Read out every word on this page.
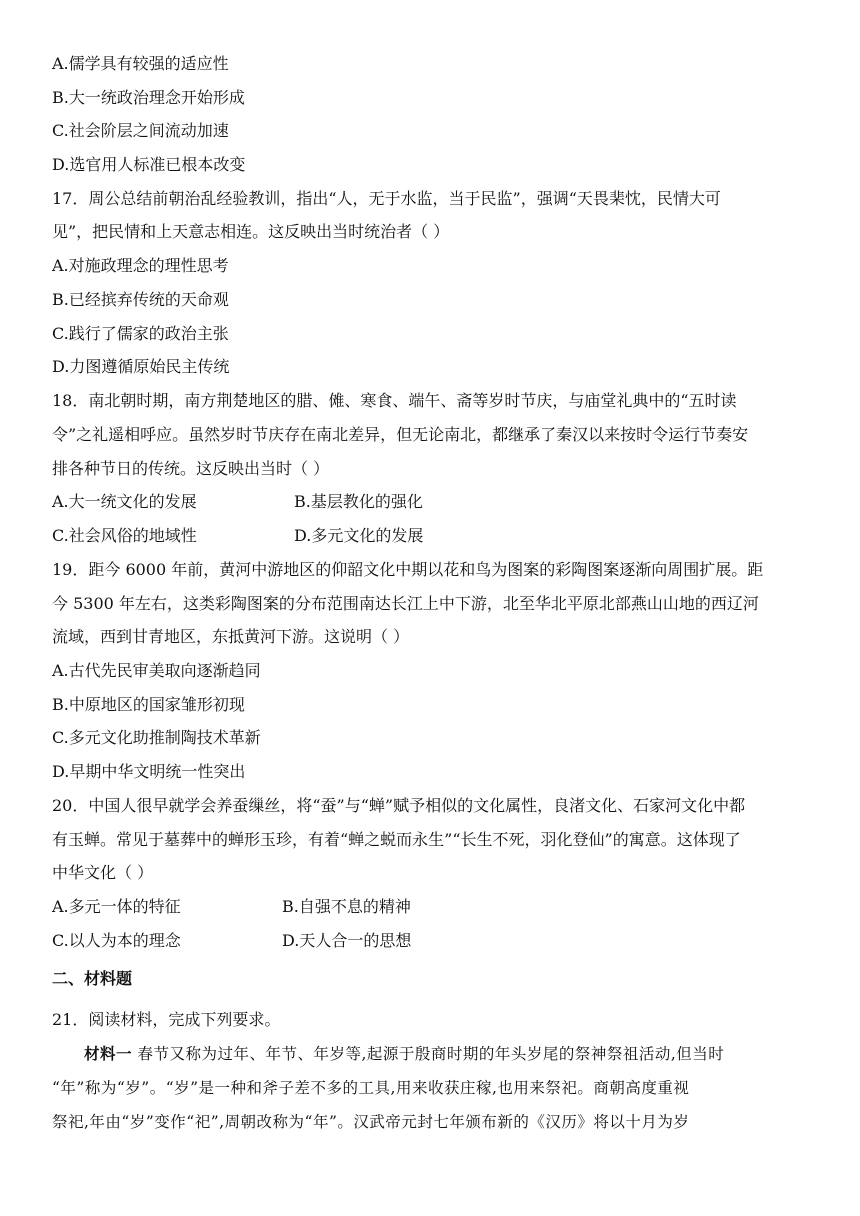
A.儒学具有较强的适应性
B.大一统政治理念开始形成
C.社会阶层之间流动加速
D.选官用人标准已根本改变
17．周公总结前朝治乱经验教训，指出“人，无于水监，当于民监”，强调“天畏棐忱，民情大可
见”，把民情和上天意志相连。这反映出当时统治者（ ）
A.对施政理念的理性思考
B.已经摈弃传统的天命观
C.践行了儒家的政治主张
D.力图遵循原始民主传统
18．南北朝时期，南方荆楚地区的腊、傩、寒食、端午、斋等岁时节庆，与庙堂礼典中的“五时读
令”之礼遥相呼应。虽然岁时节庆存在南北差异，但无论南北，都继承了秦汉以来按时令运行节奏安
排各种节日的传统。这反映出当时（ ）
A.大一统文化的发展	B.基层教化的强化
C.社会风俗的地域性	D.多元文化的发展
19．距今 6000 年前，黄河中游地区的仰韶文化中期以花和鸟为图案的彩陶图案逐渐向周围扩展。距
今 5300 年左右，这类彩陶图案的分布范围南达长江上中下游，北至华北平原北部燕山山地的西辽河
流域，西到甘青地区，东抵黄河下游。这说明（ ）
A.古代先民审美取向逐渐趋同
B.中原地区的国家雏形初现
C.多元文化助推制陶技术革新
D.早期中华文明统一性突出
20．中国人很早就学会养蚕缫丝，将“蚕”与“蝉”赋予相似的文化属性，良渚文化、石家河文化中都
有玉蝉。常见于墓葬中的蝉形玉珍，有着“蝉之蜕而永生”“长生不死，羽化登仙”的寓意。这体现了
中华文化（ ）
A.多元一体的特征	B.自强不息的精神
C.以人为本的理念	D.天人合一的思想
二、材料题
21．阅读材料，完成下列要求。
材料一 春节又称为过年、年节、年岁等,起源于殷商时期的年头岁尾的祭神祭祖活动,但当时
“年”称为“岁”。“岁”是一种和斧子差不多的工具,用来收获庄稼,也用来祭祀。商朝高度重视
祭祀,年由“岁”变作“祀”,周朝改称为“年”。汉武帝元封七年颁布新的《汉历》将以十月为岁
